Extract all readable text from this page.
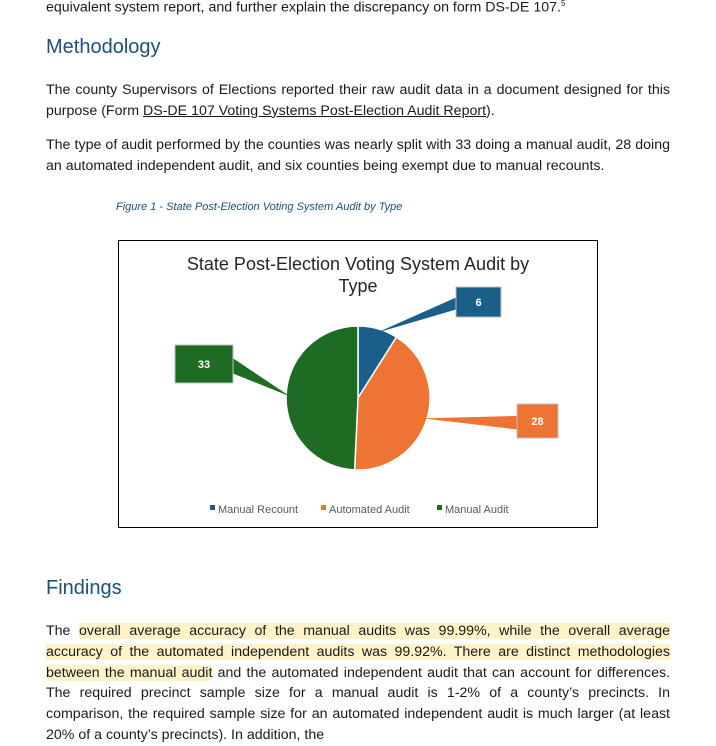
equivalent system report, and further explain the discrepancy on form DS-DE 107.$^5$

Methodology

The county Supervisors of Elections reported their raw audit data in a document designed for this purpose (Form DS-DE 107 Voting Systems Post-Election Audit Report).

The type of audit performed by the counties was nearly split with 33 doing a manual audit, 28 doing an automated independent audit, and six counties being exempt due to manual recounts.

Figure 1 - State Post-Election Voting System Audit by Type

State Post-Election Voting System Audit by
Type
6
28
33
Manual Recount	Automated Audit	Manual Audit
Findings

The overall average accuracy of the manual audits was 99.99%, while the overall average accuracy of the automated independent audits was 99.92%. There are distinct methodologies between the manual audit and the automated independent audit that can account for differences. The required precinct sample size for a manual audit is 1-2% of a county’s precincts. In comparison, the required sample size for an automated independent audit is much larger (at least 20% of a county’s precincts). In addition, the
